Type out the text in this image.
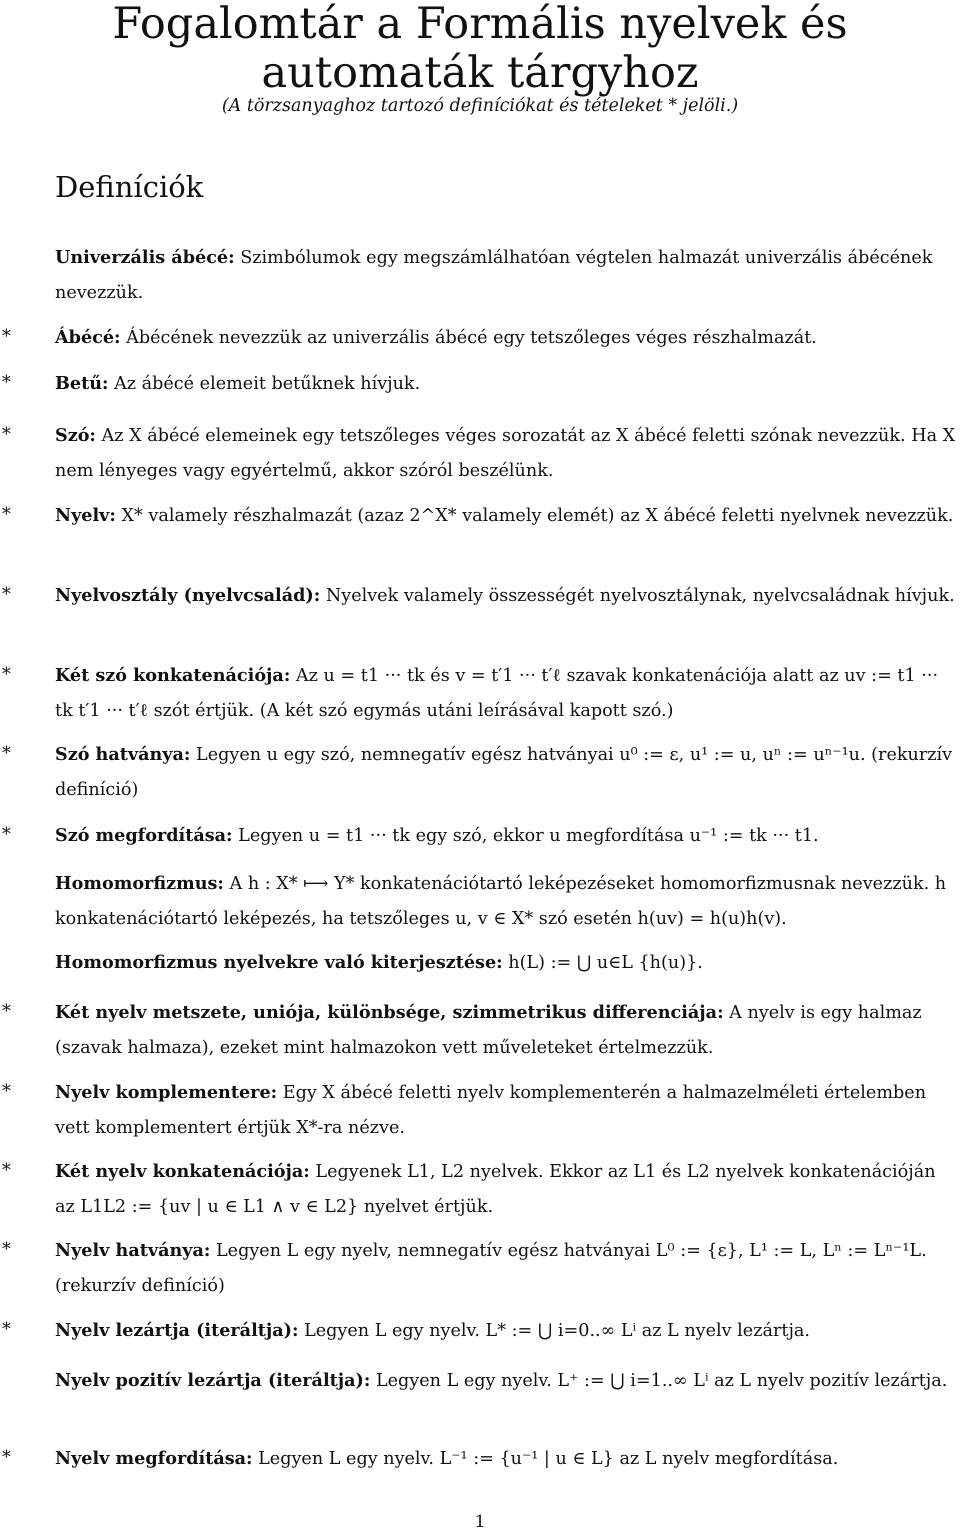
Fogalomtár a Formális nyelvek és
automaták tárgyhoz
(A törzsanyaghoz tartozó definíciókat és tételeket * jelöli.)
Definíciók
Univerzális ábécé: Szimbólumok egy megszámlálhatóan végtelen halmazát univerzális ábécének nevezzük.
*	Ábécé: Ábécének nevezzük az univerzális ábécé egy tetszőleges véges részhalmazát.
*	Betű: Az ábécé elemeit betűknek hívjuk.
*	Szó: Az X ábécé elemeinek egy tetszőleges véges sorozatát az X ábécé feletti szónak nevezzük. Ha X nem lényeges vagy egyértelmű, akkor szóról beszélünk.
*	Nyelv: X* valamely részhalmazát (azaz 2^X* valamely elemét) az X ábécé feletti nyelvnek nevezzük.
*	Nyelvosztály (nyelvcsalád): Nyelvek valamely összességét nyelvosztálynak, nyelvcsaládnak hívjuk.
*	Két szó konkatenációja: Az u = t1 ··· tk és v = t′1 ··· t′ℓ szavak konkatenációja alatt az uv := t1 ··· tk t′1 ··· t′ℓ szót értjük. (A két szó egymás utáni leírásával kapott szó.)
*	Szó hatványa: Legyen u egy szó, nemnegatív egész hatványai u⁰ := ε, u¹ := u, uⁿ := uⁿ⁻¹u. (rekurzív definíció)
*	Szó megfordítása: Legyen u = t1 ··· tk egy szó, ekkor u megfordítása u⁻¹ := tk ··· t1.
Homomorfizmus: A h : X* ⟼ Y* konkatenációtartó leképezéseket homomorfizmusnak nevezzük. h konkatenációtartó leképezés, ha tetszőleges u, v ∈ X* szó esetén h(uv) = h(u)h(v).
Homomorfizmus nyelvekre való kiterjesztése: h(L) := ⋃ u∈L {h(u)}.
*	Két nyelv metszete, uniója, különbsége, szimmetrikus differenciája: A nyelv is egy halmaz (szavak halmaza), ezeket mint halmazokon vett műveleteket értelmezzük.
*	Nyelv komplementere: Egy X ábécé feletti nyelv komplementerén a halmazelméleti értelemben vett komplementert értjük X*-ra nézve.
*	Két nyelv konkatenációja: Legyenek L1, L2 nyelvek. Ekkor az L1 és L2 nyelvek konkatenációján az L1L2 := {uv | u ∈ L1 ∧ v ∈ L2} nyelvet értjük.
*	Nyelv hatványa: Legyen L egy nyelv, nemnegatív egész hatványai L⁰ := {ε}, L¹ := L, Lⁿ := Lⁿ⁻¹L. (rekurzív definíció)
*	Nyelv lezártja (iteráltja): Legyen L egy nyelv. L* := ⋃ i=0..∞ Lⁱ az L nyelv lezártja.
Nyelv pozitív lezártja (iteráltja): Legyen L egy nyelv. L⁺ := ⋃ i=1..∞ Lⁱ az L nyelv pozitív lezártja.
*	Nyelv megfordítása: Legyen L egy nyelv. L⁻¹ := {u⁻¹ | u ∈ L} az L nyelv megfordítása.
1
